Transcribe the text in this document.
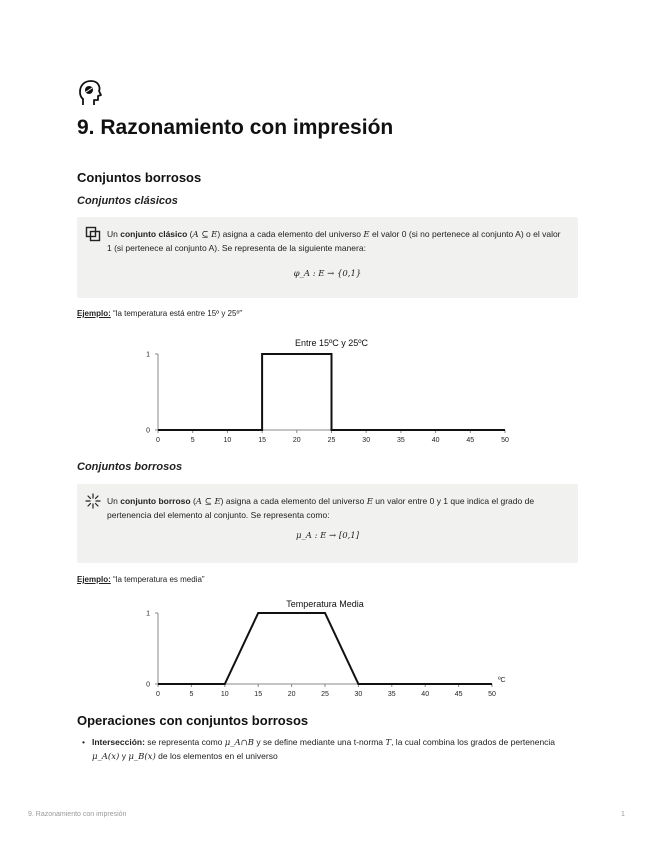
9. Razonamiento con impresión
Conjuntos borrosos
Conjuntos clásicos
Un conjunto clásico (A ⊆ E) asigna a cada elemento del universo E el valor 0 (si no pertenece al conjunto A) o el valor 1 (si pertenece al conjunto A). Se representa de la siguiente manera:
φ_A : E → {0,1}
Ejemplo: “la temperatura está entre 15º y 25º”
Entre 15ºC y 25ºC
0	5	10	15	20	25	30	35	40	45	50
0
1
Conjuntos borrosos
Un conjunto borroso (A ⊆ E) asigna a cada elemento del universo E un valor entre 0 y 1 que indica el grado de pertenencia del elemento al conjunto. Se representa como:
μ_A : E → [0,1]
Ejemplo: “la temperatura es media”
Temperatura Media
0	5	10	15	20	25	30	35	40	45	50
0
1
ºC
Operaciones con conjuntos borrosos
• Intersección: se representa como μ_A∩B y se define mediante una t-norma T, la cual combina los grados de pertenencia μ_A(x) y μ_B(x) de los elementos en el universo
9. Razonamiento con impresión	1
